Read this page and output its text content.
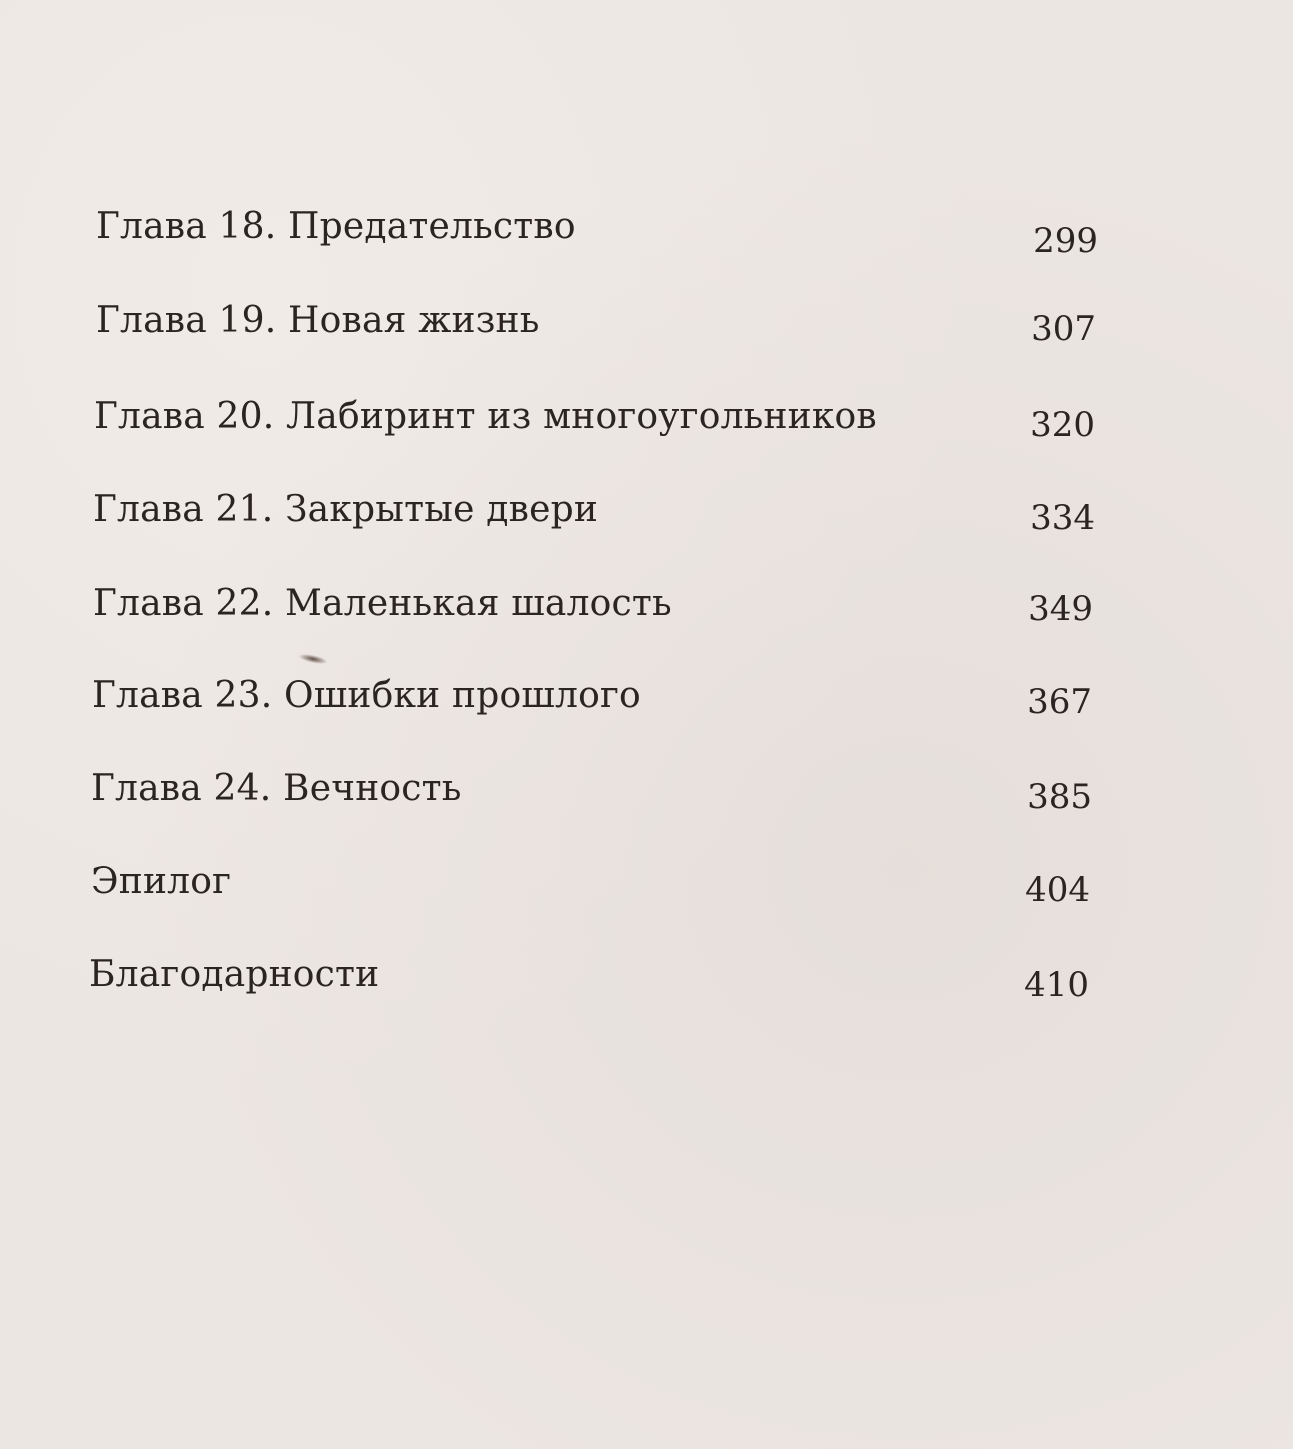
Глава 18. Предательство	299
Глава 19. Новая жизнь	307
Глава 20. Лабиринт из многоугольников	320
Глава 21. Закрытые двери	334
Глава 22. Маленькая шалость	349
Глава 23. Ошибки прошлого	367
Глава 24. Вечность	385
Эпилог	404
Благодарности	410
